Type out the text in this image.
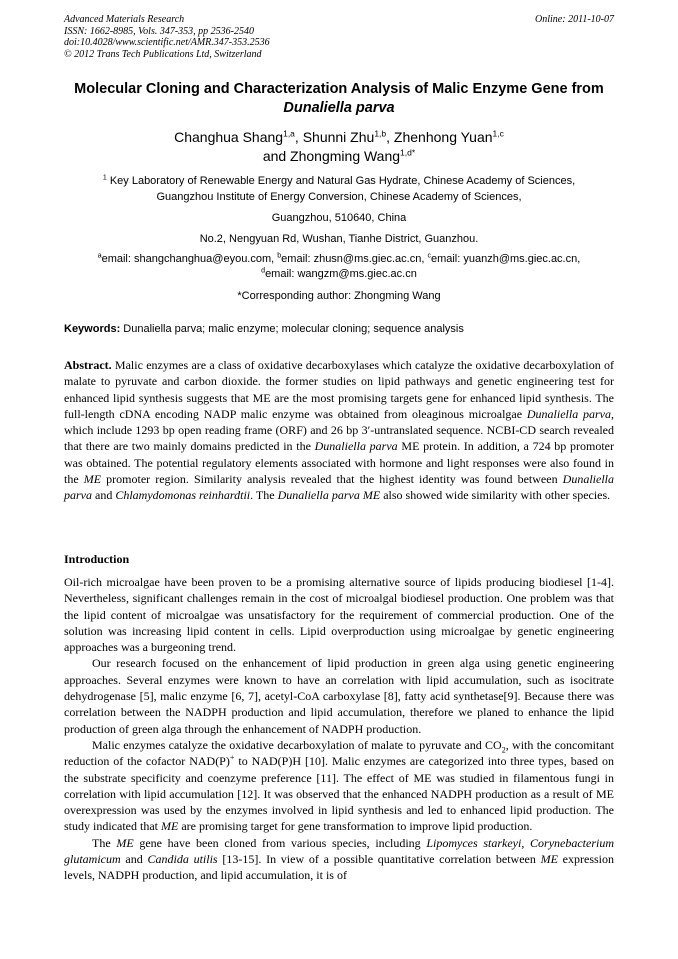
Advanced Materials Research
ISSN: 1662-8985, Vols. 347-353, pp 2536-2540
doi:10.4028/www.scientific.net/AMR.347-353.2536
© 2012 Trans Tech Publications Ltd, Switzerland
Online: 2011-10-07
Molecular Cloning and Characterization Analysis of Malic Enzyme Gene from Dunaliella parva
Changhua Shang$^{1,a}$, Shunni Zhu$^{1,b}$, Zhenhong Yuan$^{1,c}$
and Zhongming Wang$^{1,d*}$
$^1$ Key Laboratory of Renewable Energy and Natural Gas Hydrate, Chinese Academy of Sciences,
Guangzhou Institute of Energy Conversion, Chinese Academy of Sciences,
Guangzhou, 510640, China
No.2, Nengyuan Rd, Wushan, Tianhe District, Guanzhou.
$^a$email: shangchanghua@eyou.com, $^b$email: zhusn@ms.giec.ac.cn, $^c$email: yuanzh@ms.giec.ac.cn,
$^d$email: wangzm@ms.giec.ac.cn
*Corresponding author: Zhongming Wang
Keywords: Dunaliella parva; malic enzyme; molecular cloning; sequence analysis
Abstract. Malic enzymes are a class of oxidative decarboxylases which catalyze the oxidative decarboxylation of malate to pyruvate and carbon dioxide. the former studies on lipid pathways and genetic engineering test for enhanced lipid synthesis suggests that ME are the most promising targets gene for enhanced lipid synthesis. The full-length cDNA encoding NADP malic enzyme was obtained from oleaginous microalgae Dunaliella parva, which include 1293 bp open reading frame (ORF) and 26 bp 3′-untranslated sequence. NCBI-CD search revealed that there are two mainly domains predicted in the Dunaliella parva ME protein. In addition, a 724 bp promoter was obtained. The potential regulatory elements associated with hormone and light responses were also found in the ME promoter region. Similarity analysis revealed that the highest identity was found between Dunaliella parva and Chlamydomonas reinhardtii. The Dunaliella parva ME also showed wide similarity with other species.
Introduction

Oil-rich microalgae have been proven to be a promising alternative source of lipids producing biodiesel [1-4]. Nevertheless, significant challenges remain in the cost of microalgal biodiesel production. One problem was that the lipid content of microalgae was unsatisfactory for the requirement of commercial production. One of the solution was increasing lipid content in cells. Lipid overproduction using microalgae by genetic engineering approaches was a burgeoning trend.

Our research focused on the enhancement of lipid production in green alga using genetic engineering approaches. Several enzymes were known to have an correlation with lipid accumulation, such as isocitrate dehydrogenase [5], malic enzyme [6, 7], acetyl-CoA carboxylase [8], fatty acid synthetase[9]. Because there was correlation between the NADPH production and lipid accumulation, therefore we planed to enhance the lipid production of green alga through the enhancement of NADPH production.

Malic enzymes catalyze the oxidative decarboxylation of malate to pyruvate and $CO_2$, with the concomitant reduction of the cofactor NAD(P)+ to NAD(P)H [10]. Malic enzymes are categorized into three types, based on the substrate specificity and coenzyme preference [11]. The effect of ME was studied in filamentous fungi in correlation with lipid accumulation [12]. It was observed that the enhanced NADPH production as a result of ME overexpression was used by the enzymes involved in lipid synthesis and led to enhanced lipid production. The study indicated that ME are promising target for gene transformation to improve lipid production.

The ME gene have been cloned from various species, including Lipomyces starkeyi, Corynebacterium glutamicum and Candida utilis [13-15]. In view of a possible quantitative correlation between ME expression levels, NADPH production, and lipid accumulation, it is of
